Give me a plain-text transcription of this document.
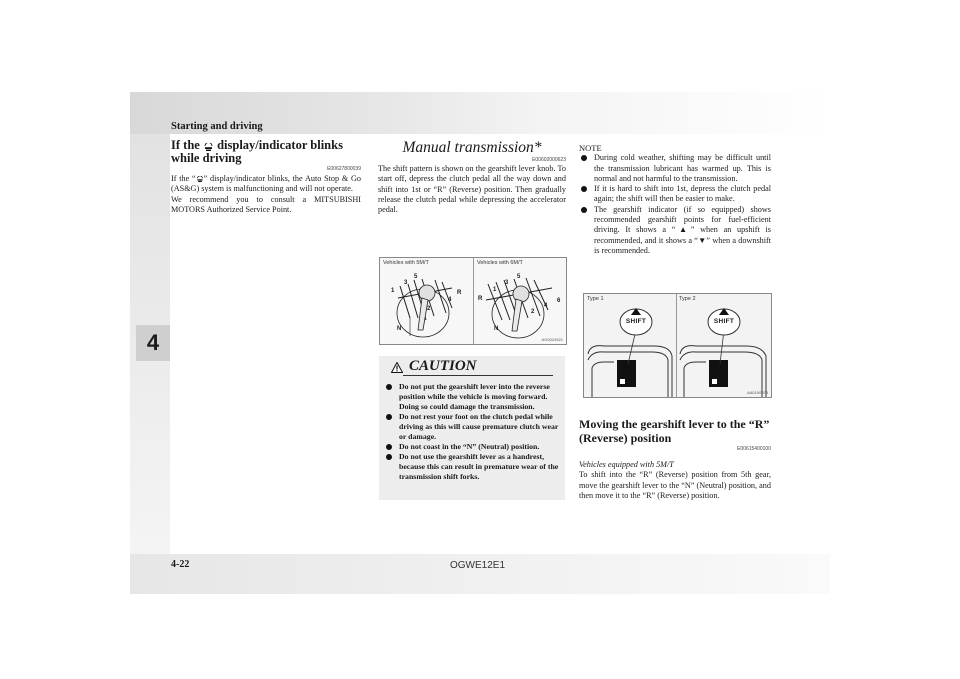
Starting and driving
4
4-22	OGWE12E1
If the display/indicator blinks while driving
E00627800039
If the “ ” display/indicator blinks, the Auto Stop & Go (AS&G) system is malfunctioning and will not operate.
We recommend you to consult a MITSUBISHI MOTORS Authorized Service Point.
Manual transmission*
E00602000623
The shift pattern is shown on the gearshift lever knob. To start off, depress the clutch pedal all the way down and shift into 1st or “R” (Reverse) position. Then gradually release the clutch pedal while depressing the accelerator pedal.
Vehicles with 5M/T	Vehicles with 6M/T
1
3
5
4
R
2
N
R
1
3
5
6
4
2
N
AG0024521
CAUTION
Do not put the gearshift lever into the reverse position while the vehicle is moving forward. Doing so could damage the transmission.
Do not rest your foot on the clutch pedal while driving as this will cause premature clutch wear or damage.
Do not coast in the “N” (Neutral) position.
Do not use the gearshift lever as a handrest, because this can result in premature wear of the transmission shift forks.
NOTE
During cold weather, shifting may be difficult until the transmission lubricant has warmed up. This is normal and not harmful to the transmission.
If it is hard to shift into 1st, depress the clutch pedal again; the shift will then be easier to make.
The gearshift indicator (if so equipped) shows recommended gearshift points for fuel-efficient driving. It shows a “▲” when an upshift is recommended, and it shows a “▼” when a downshift is recommended.
Type 1	Type 2
SHIFT	SHIFT
AA0100878
Moving the gearshift lever to the “R” (Reverse) position
E00615400100
Vehicles equipped with 5M/T
To shift into the “R” (Reverse) position from 5th gear, move the gearshift lever to the “N” (Neutral) position, and then move it to the “R” (Reverse) position.
